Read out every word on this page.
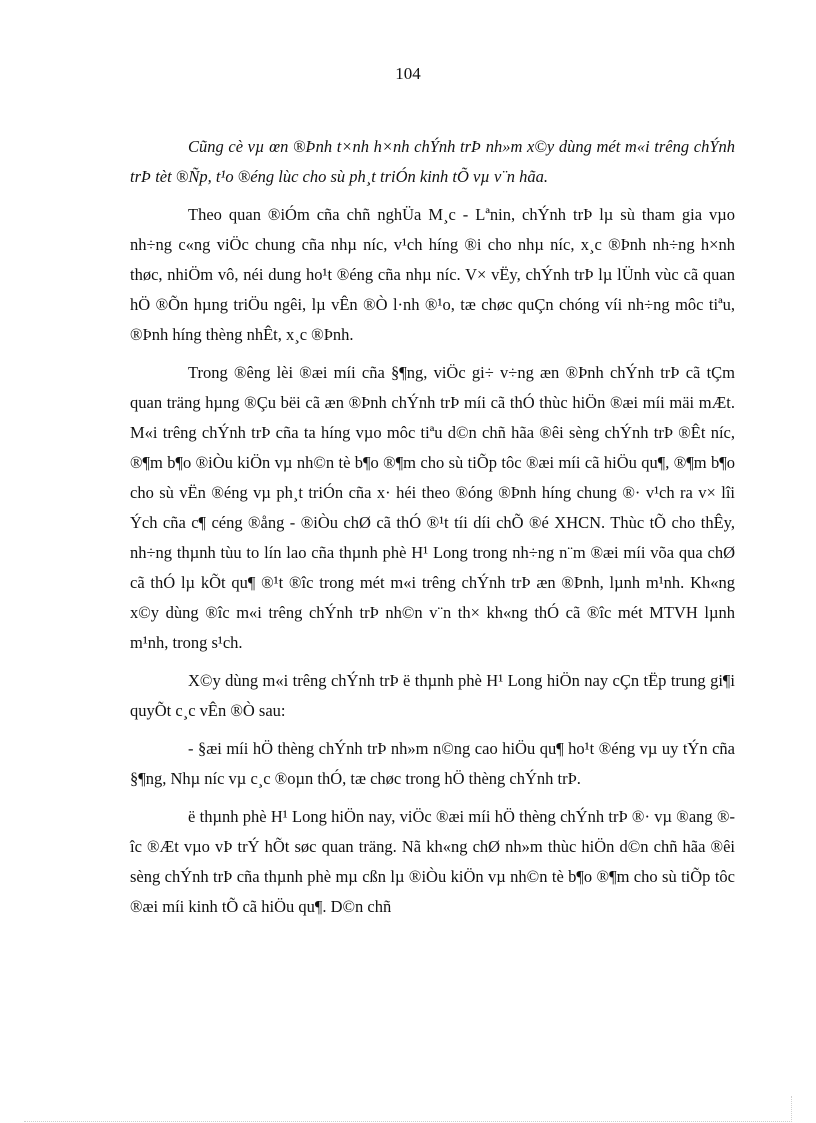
104

Cũng cè vµ œn ®Þnh t×nh h×nh chÝnh trÞ nh»m x©y dùng mét m«i trêng chÝnh trÞ tèt ®Ñp, t¹o ®éng lùc cho sù ph¸t triÓn kinh tÕ vµ v¨n hãa.

Theo quan ®iÓm cña chñ nghÜa M¸c - Lªnin, chÝnh trÞ lµ sù tham gia vµo nh÷ng c«ng viÖc chung cña nhµ níc, v¹ch híng ®i cho nhµ níc, x¸c ®Þnh nh÷ng h×nh thøc, nhiÖm vô, néi dung ho¹t ®éng cña nhµ níc. V× vËy, chÝnh trÞ lµ lÜnh vùc cã quan hÖ ®Õn hµng triÖu ngêi, lµ vÊn ®Ò l·nh ®¹o, tæ chøc quÇn chóng víi nh÷ng môc tiªu, ®Þnh híng thèng nhÊt, x¸c ®Þnh.

Trong ®êng lèi ®æi míi cña §¶ng, viÖc gi÷ v÷ng æn ®Þnh chÝnh trÞ cã tÇm quan träng hµng ®Çu bëi cã æn ®Þnh chÝnh trÞ míi cã thÓ thùc hiÖn ®æi míi mäi mÆt. M«i trêng chÝnh trÞ cña ta híng vµo môc tiªu d©n chñ hãa ®êi sèng chÝnh trÞ ®Êt níc, ®¶m b¶o ®iÒu kiÖn vµ nh©n tè b¶o ®¶m cho sù tiÕp tôc ®æi míi cã hiÖu qu¶, ®¶m b¶o cho sù vËn ®éng vµ ph¸t triÓn cña x· héi theo ®óng ®Þnh híng chung ®· v¹ch ra v× lîi Ých cña c¶ céng ®ång - ®iÒu chØ cã thÓ ®¹t tíi díi chÕ ®é XHCN. Thùc tÕ cho thÊy, nh÷ng thµnh tùu to lín lao cña thµnh phè H¹ Long trong nh÷ng n¨m ®æi míi võa qua chØ cã thÓ lµ kÕt qu¶ ®¹t ®îc trong mét m«i trêng chÝnh trÞ æn ®Þnh, lµnh m¹nh. Kh«ng x©y dùng ®îc m«i trêng chÝnh trÞ nh©n v¨n th× kh«ng thÓ cã ®îc mét MTVH lµnh m¹nh, trong s¹ch.

X©y dùng m«i trêng chÝnh trÞ ë thµnh phè H¹ Long hiÖn nay cÇn tËp trung gi¶i quyÕt c¸c vÊn ®Ò sau:

- §æi míi hÖ thèng chÝnh trÞ nh»m n©ng cao hiÖu qu¶ ho¹t ®éng vµ uy tÝn cña §¶ng, Nhµ níc vµ c¸c ®oµn thÓ, tæ chøc trong hÖ thèng chÝnh trÞ.

ë thµnh phè H¹ Long hiÖn nay, viÖc ®æi míi hÖ thèng chÝnh trÞ ®· vµ ®ang ®îc ®Æt vµo vÞ trÝ hÕt søc quan träng. Nã kh«ng chØ nh»m thùc hiÖn d©n chñ hãa ®êi sèng chÝnh trÞ cña thµnh phè mµ cßn lµ ®iÒu kiÖn vµ nh©n tè b¶o ®¶m cho sù tiÕp tôc ®æi míi kinh tÕ cã hiÖu qu¶. D©n chñ
